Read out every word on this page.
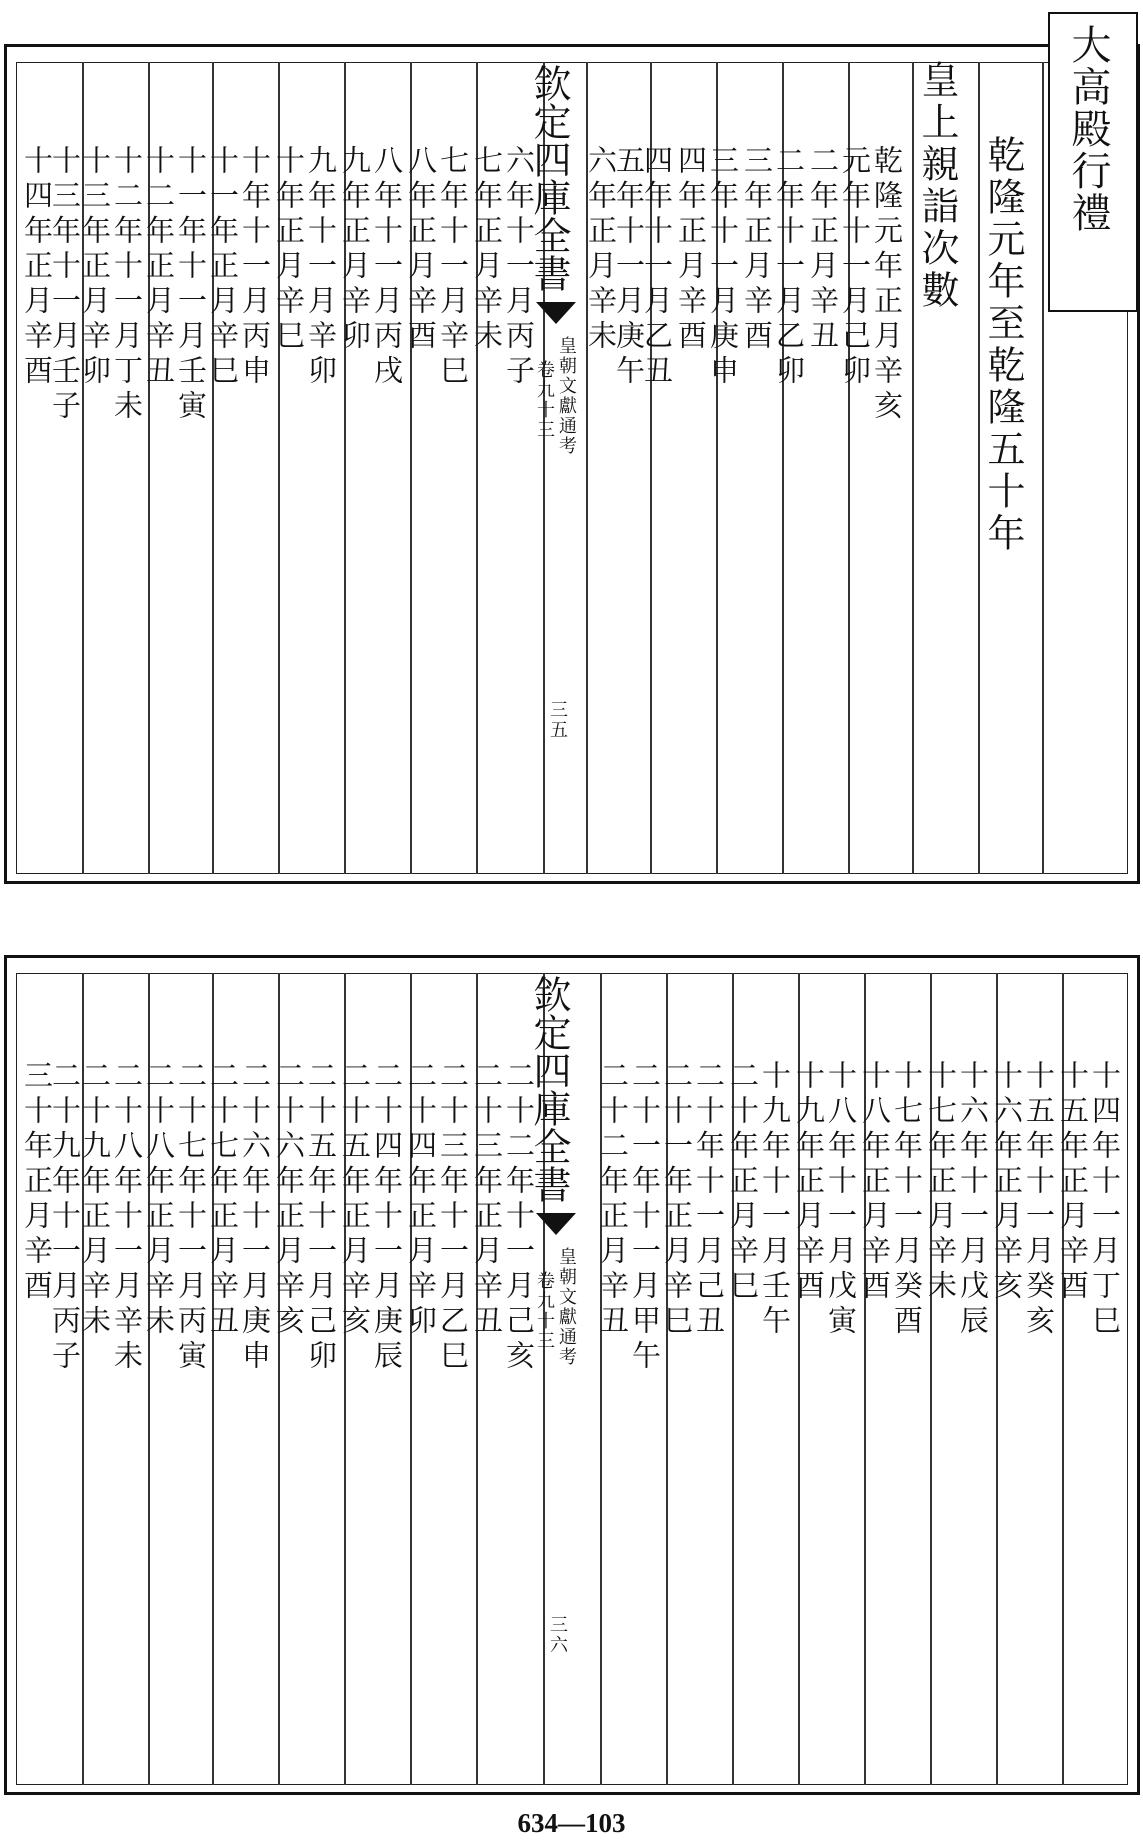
大高殿行禮
乾隆元年至乾隆五十年
皇上親詣次數
乾隆元年正月辛亥
元年十一月己卯
二年正月辛丑
二年十一月乙卯
三年正月辛酉
三年十一月庚申
四年正月辛酉
四年十一月乙丑
五年十一月庚午
六年正月辛未
欽定四庫全書
皇朝文獻通考
卷九十三
三五
六年十一月丙子
七年正月辛未
七年十一月辛巳
八年正月辛酉
八年十一月丙戌
九年正月辛卯
九年十一月辛卯
十年正月辛巳
十年十一月丙申
十一年正月辛巳
十一年十一月壬寅
十二年正月辛丑
十二年十一月丁未
十三年正月辛卯
十三年十一月壬子
十四年正月辛酉
十四年十一月丁巳
十五年正月辛酉
十五年十一月癸亥
十六年正月辛亥
十六年十一月戊辰
十七年正月辛未
十七年十一月癸酉
十八年正月辛酉
十八年十一月戊寅
十九年正月辛酉
十九年十一月壬午
二十年正月辛巳
二十年十一月己丑
二十一年正月辛巳
二十一年十一月甲午
二十二年正月辛丑
欽定四庫全書
皇朝文獻通考
卷九十三
三六
二十二年十一月己亥
二十三年正月辛丑
二十三年十一月乙巳
二十四年正月辛卯
二十四年十一月庚辰
二十五年正月辛亥
二十五年十一月己卯
二十六年正月辛亥
二十六年十一月庚申
二十七年正月辛丑
二十七年十一月丙寅
二十八年正月辛未
二十八年十一月辛未
二十九年正月辛未
二十九年十一月丙子
三十年正月辛酉
634—103
